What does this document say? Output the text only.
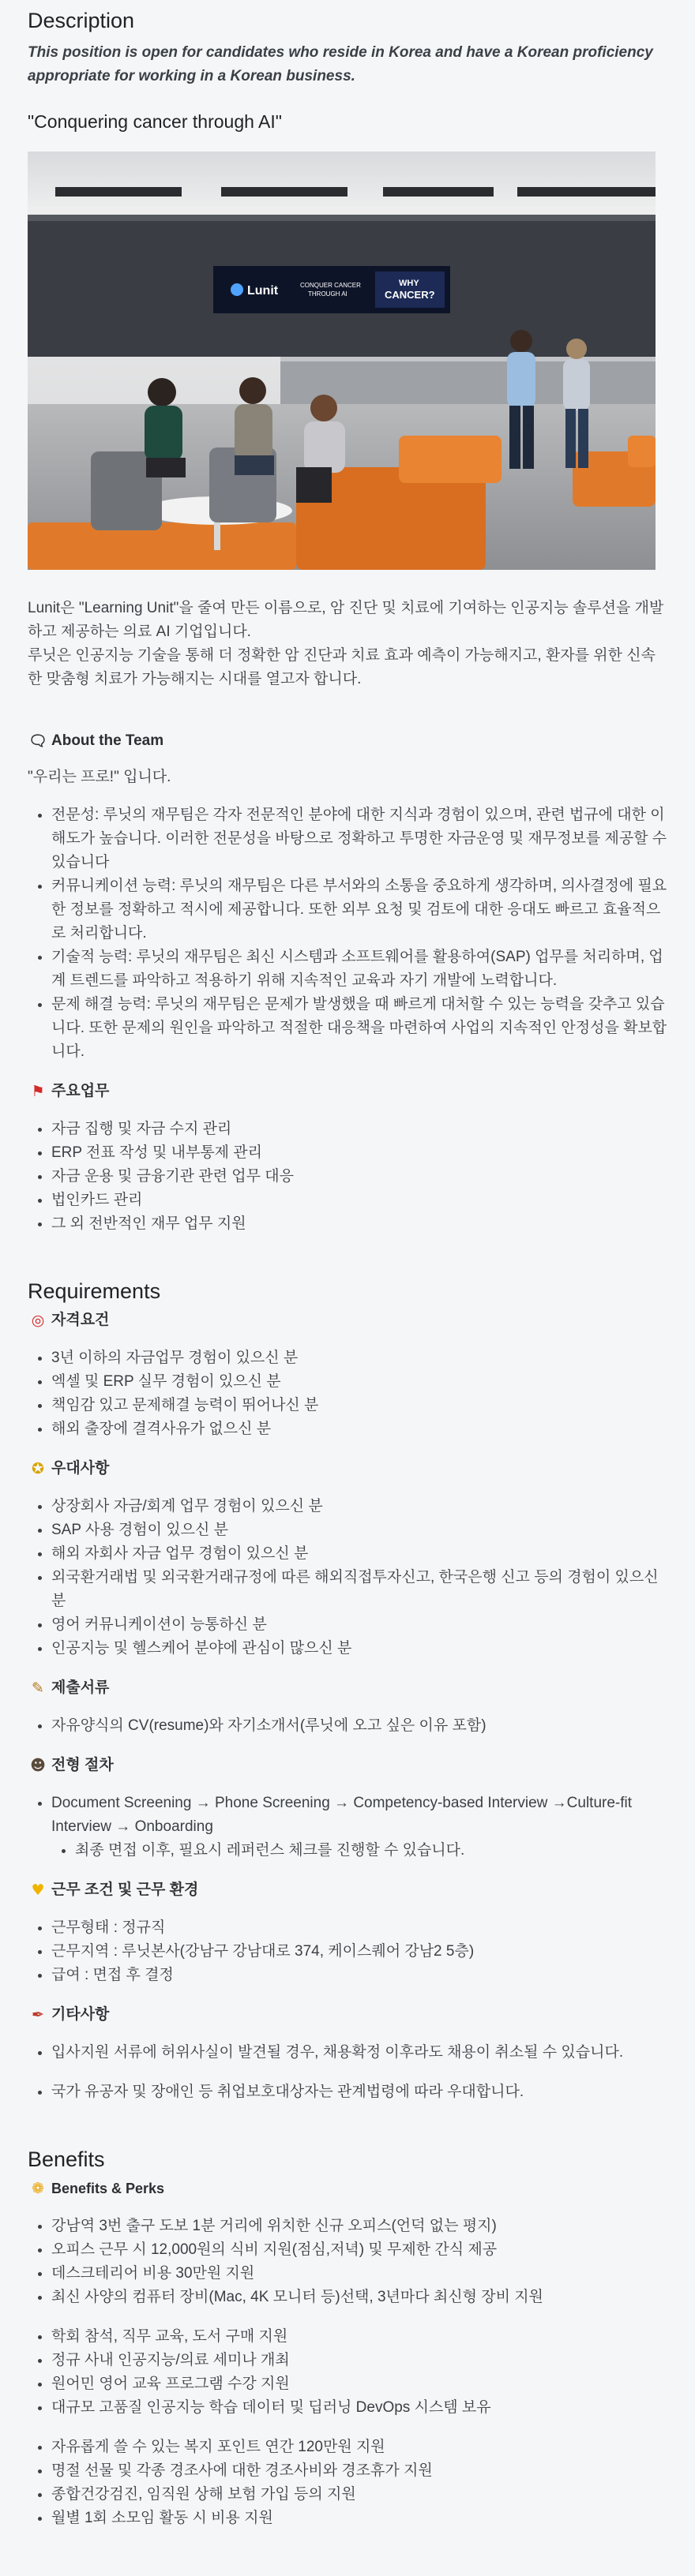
Description

This position is open for candidates who reside in Korea and have a Korean proficiency appropriate for working in a Korean business.

"Conquering cancer through AI"
Lunit	CONQUER CANCER
THROUGH AI
WHY
CANCER?

Lunit은 "Learning Unit"을 줄여 만든 이름으로, 암 진단 및 치료에 기여하는 인공지능 솔루션을 개발하고 제공하는 의료 AI 기업입니다.

루닛은 인공지능 기술을 통해 더 정확한 암 진단과 치료 효과 예측이 가능해지고, 환자를 위한 신속한 맞춤형 치료가 가능해지는 시대를 열고자 합니다.

🗨 About the Team

"우리는 프로!" 입니다.

• 전문성: 루닛의 재무팀은 각자 전문적인 분야에 대한 지식과 경험이 있으며, 관련 법규에 대한 이해도가 높습니다. 이러한 전문성을 바탕으로 정확하고 투명한 자금운영 및 재무정보를 제공할 수 있습니다
• 커뮤니케이션 능력: 루닛의 재무팀은 다른 부서와의 소통을 중요하게 생각하며, 의사결정에 필요한 정보를 정확하고 적시에 제공합니다. 또한 외부 요청 및 검토에 대한 응대도 빠르고 효율적으로 처리합니다.
• 기술적 능력: 루닛의 재무팀은 최신 시스템과 소프트웨어를 활용하여(SAP) 업무를 처리하며, 업계 트렌드를 파악하고 적용하기 위해 지속적인 교육과 자기 개발에 노력합니다.
• 문제 해결 능력: 루닛의 재무팀은 문제가 발생했을 때 빠르게 대처할 수 있는 능력을 갖추고 있습니다. 또한 문제의 원인을 파악하고 적절한 대응책을 마련하여 사업의 지속적인 안정성을 확보합니다.
⚑ 주요업무
• 자금 집행 및 자금 수지 관리
• ERP 전표 작성 및 내부통제 관리
• 자금 운용 및 금융기관 관련 업무 대응
• 법인카드 관리
• 그 외 전반적인 재무 업무 지원
Requirements
◎ 자격요건
• 3년 이하의 자금업무 경험이 있으신 분
• 엑셀 및 ERP 실무 경험이 있으신 분
• 책임감 있고 문제해결 능력이 뛰어나신 분
• 해외 출장에 결격사유가 없으신 분
✪ 우대사항
• 상장회사 자금/회계 업무 경험이 있으신 분
• SAP 사용 경험이 있으신 분
• 해외 자회사 자금 업무 경험이 있으신 분
• 외국환거래법 및 외국환거래규정에 따른 해외직접투자신고, 한국은행 신고 등의 경험이 있으신 분
• 영어 커뮤니케이션이 능통하신 분
• 인공지능 및 헬스케어 분야에 관심이 많으신 분
✎ 제출서류
• 자유양식의 CV(resume)와 자기소개서(루닛에 오고 싶은 이유 포함)
☻ 전형 절차
• Document Screening → Phone Screening → Competency-based Interview →Culture-fit Interview → Onboarding
• 최종 면접 이후, 필요시 레퍼런스 체크를 진행할 수 있습니다.
♥ 근무 조건 및 근무 환경
• 근무형태 : 정규직
• 근무지역 : 루닛본사(강남구 강남대로 374, 케이스퀘어 강남2 5층)
• 급여 : 면접 후 결정
✒ 기타사항
• 입사지원 서류에 허위사실이 발견될 경우, 채용확정 이후라도 채용이 취소될 수 있습니다.
• 국가 유공자 및 장애인 등 취업보호대상자는 관계법령에 따라 우대합니다.
Benefits
❁ Benefits & Perks
• 강남역 3번 출구 도보 1분 거리에 위치한 신규 오피스(언덕 없는 평지)
• 오피스 근무 시 12,000원의 식비 지원(점심,저녁) 및 무제한 간식 제공
• 데스크테리어 비용 30만원 지원
• 최신 사양의 컴퓨터 장비(Mac, 4K 모니터 등)선택, 3년마다 최신형 장비 지원
• 학회 참석, 직무 교육, 도서 구매 지원
• 정규 사내 인공지능/의료 세미나 개최
• 원어민 영어 교육 프로그램 수강 지원
• 대규모 고품질 인공지능 학습 데이터 및 딥러닝 DevOps 시스템 보유
• 자유롭게 쓸 수 있는 복지 포인트 연간 120만원 지원
• 명절 선물 및 각종 경조사에 대한 경조사비와 경조휴가 지원
• 종합건강검진, 임직원 상해 보험 가입 등의 지원
• 월별 1회 소모임 활동 시 비용 지원
